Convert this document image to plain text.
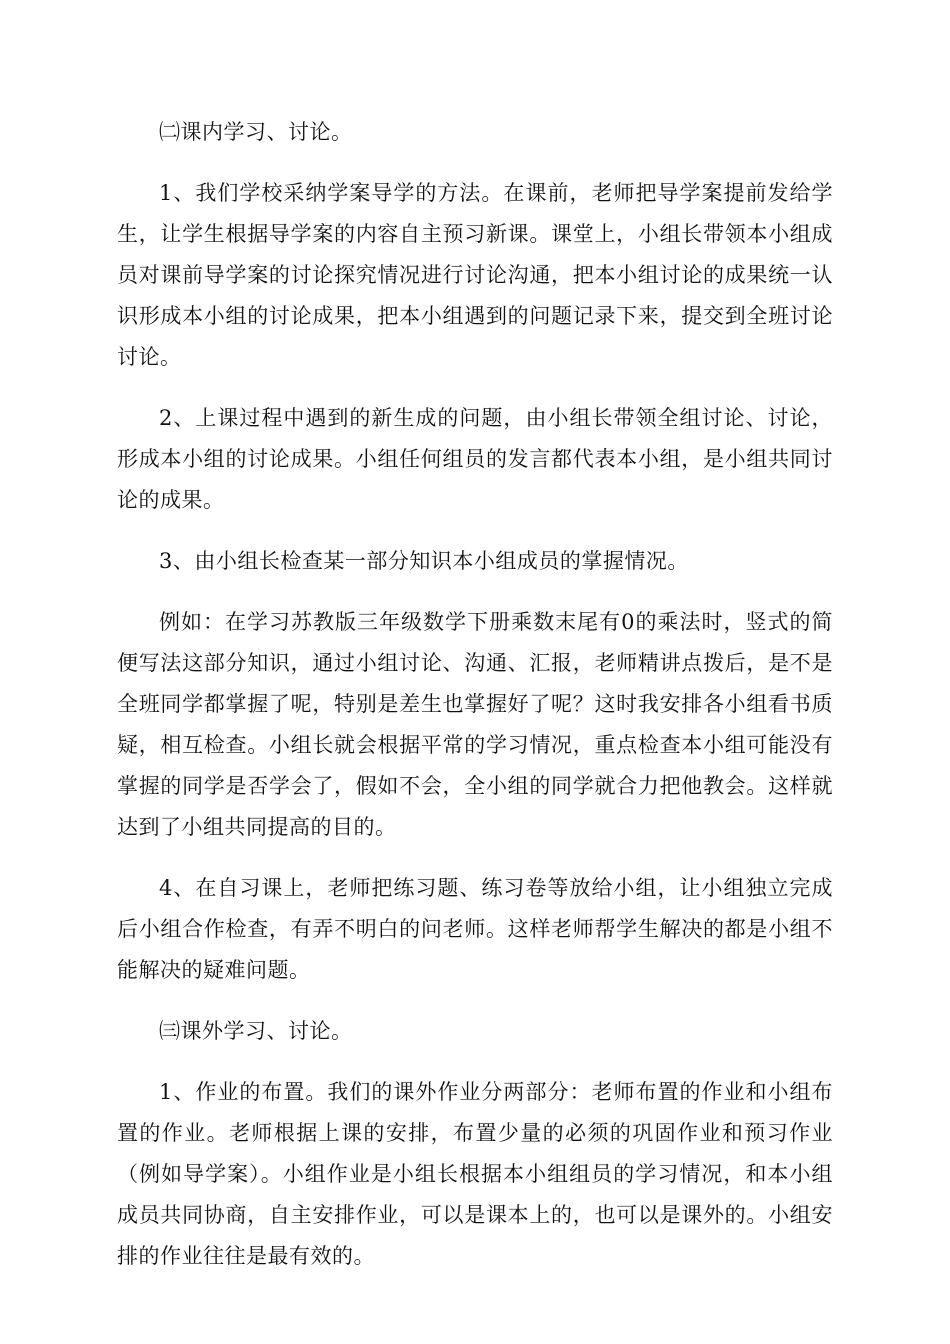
㈡课内学习、讨论。

1、我们学校采纳学案导学的方法。在课前，老师把导学案提前发给学生，让学生根据导学案的内容自主预习新课。课堂上，小组长带领本小组成员对课前导学案的讨论探究情况进行讨论沟通，把本小组讨论的成果统一认识形成本小组的讨论成果，把本小组遇到的问题记录下来，提交到全班讨论讨论。

2、上课过程中遇到的新生成的问题，由小组长带领全组讨论、讨论，形成本小组的讨论成果。小组任何组员的发言都代表本小组，是小组共同讨论的成果。

3、由小组长检查某一部分知识本小组成员的掌握情况。

例如：在学习苏教版三年级数学下册乘数末尾有0的乘法时，竖式的简便写法这部分知识，通过小组讨论、沟通、汇报，老师精讲点拨后，是不是全班同学都掌握了呢，特别是差生也掌握好了呢？这时我安排各小组看书质疑，相互检查。小组长就会根据平常的学习情况，重点检查本小组可能没有掌握的同学是否学会了，假如不会，全小组的同学就合力把他教会。这样就达到了小组共同提高的目的。

4、在自习课上，老师把练习题、练习卷等放给小组，让小组独立完成后小组合作检查，有弄不明白的问老师。这样老师帮学生解决的都是小组不能解决的疑难问题。

㈢课外学习、讨论。

1、作业的布置。我们的课外作业分两部分：老师布置的作业和小组布置的作业。老师根据上课的安排，布置少量的必须的巩固作业和预习作业（例如导学案）。小组作业是小组长根据本小组组员的学习情况，和本小组成员共同协商，自主安排作业，可以是课本上的，也可以是课外的。小组安排的作业往往是最有效的。
